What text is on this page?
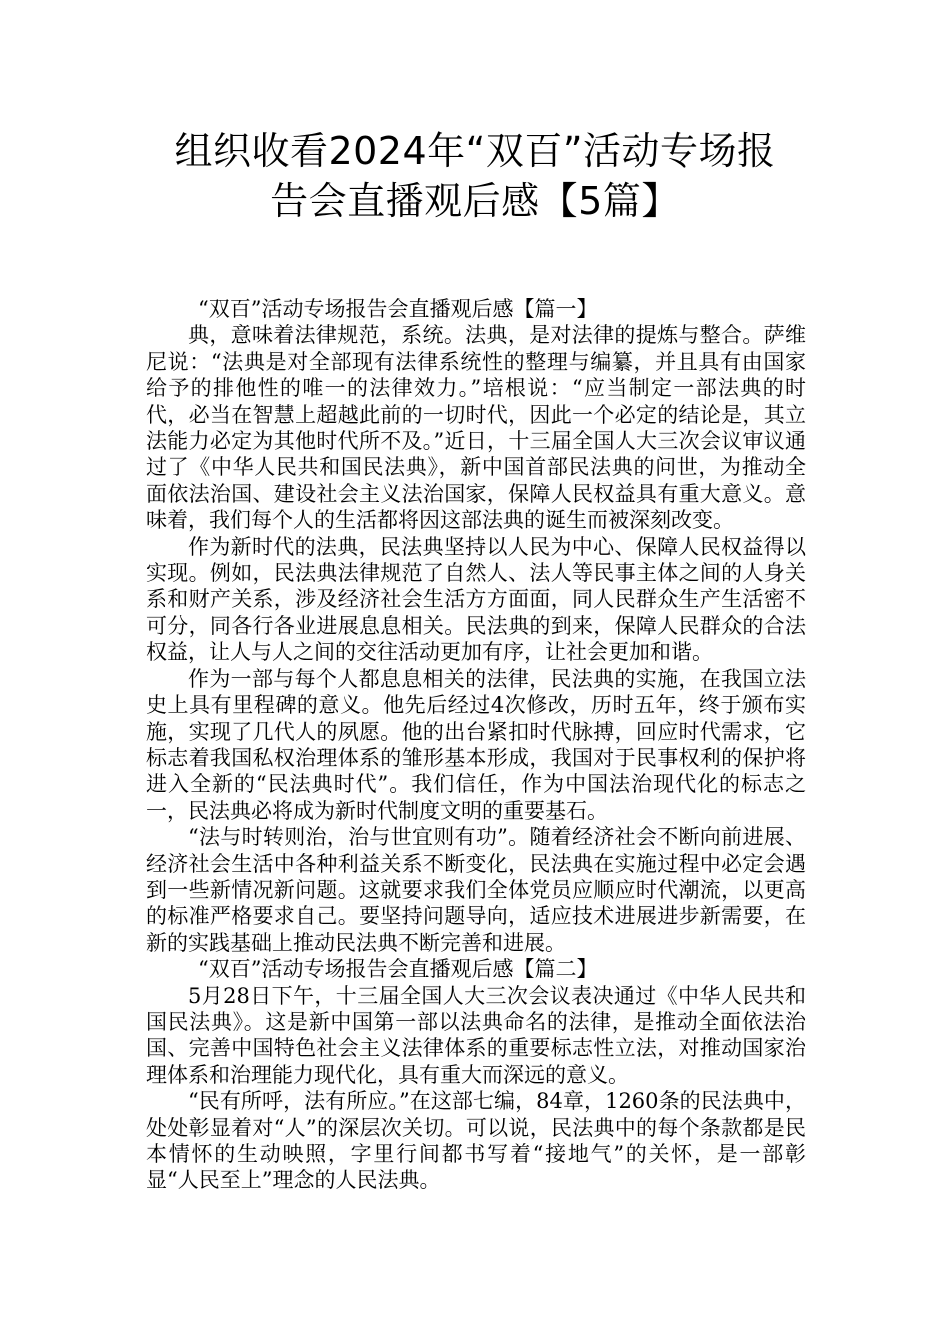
组织收看2024年“双百”活动专场报
告会直播观后感【5篇】

“双百”活动专场报告会直播观后感【篇一】

典，意味着法律规范，系统。法典，是对法律的提炼与整合。萨维尼说：“法典是对全部现有法律系统性的整理与编纂，并且具有由国家给予的排他性的唯一的法律效力。”培根说：“应当制定一部法典的时代，必当在智慧上超越此前的一切时代，因此一个必定的结论是，其立法能力必定为其他时代所不及。”近日，十三届全国人大三次会议审议通过了《中华人民共和国民法典》，新中国首部民法典的问世，为推动全面依法治国、建设社会主义法治国家，保障人民权益具有重大意义。意味着，我们每个人的生活都将因这部法典的诞生而被深刻改变。

作为新时代的法典，民法典坚持以人民为中心、保障人民权益得以实现。例如，民法典法律规范了自然人、法人等民事主体之间的人身关系和财产关系，涉及经济社会生活方方面面，同人民群众生产生活密不可分，同各行各业进展息息相关。民法典的到来，保障人民群众的合法权益，让人与人之间的交往活动更加有序，让社会更加和谐。

作为一部与每个人都息息相关的法律，民法典的实施，在我国立法史上具有里程碑的意义。他先后经过4次修改，历时五年，终于颁布实施，实现了几代人的夙愿。他的出台紧扣时代脉搏，回应时代需求，它标志着我国私权治理体系的雏形基本形成，我国对于民事权利的保护将进入全新的“民法典时代”。我们信任，作为中国法治现代化的标志之一，民法典必将成为新时代制度文明的重要基石。

“法与时转则治，治与世宜则有功”。随着经济社会不断向前进展、经济社会生活中各种利益关系不断变化，民法典在实施过程中必定会遇到一些新情况新问题。这就要求我们全体党员应顺应时代潮流，以更高的标准严格要求自己。要坚持问题导向，适应技术进展进步新需要，在新的实践基础上推动民法典不断完善和进展。

“双百”活动专场报告会直播观后感【篇二】

5月28日下午，十三届全国人大三次会议表决通过《中华人民共和国民法典》。这是新中国第一部以法典命名的法律，是推动全面依法治国、完善中国特色社会主义法律体系的重要标志性立法，对推动国家治理体系和治理能力现代化，具有重大而深远的意义。

“民有所呼，法有所应。”在这部七编，84章，1260条的民法典中，处处彰显着对“人”的深层次关切。可以说，民法典中的每个条款都是民本情怀的生动映照，字里行间都书写着“接地气”的关怀，是一部彰显“人民至上”理念的人民法典。
